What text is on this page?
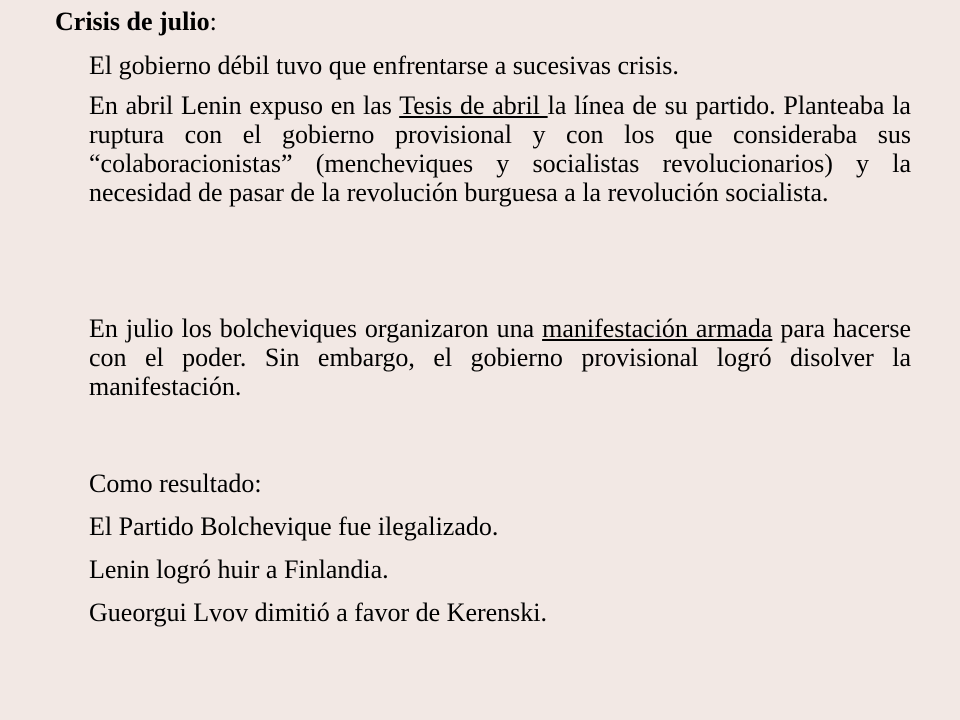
Crisis de julio:

El gobierno débil tuvo que enfrentarse a sucesivas crisis.

En abril Lenin expuso en las Tesis de abril la línea de su partido. Planteaba la ruptura con el gobierno provisional y con los que consideraba sus “colaboracionistas” (mencheviques y socialistas revolucionarios) y la necesidad de pasar de la revolución burguesa a la revolución socialista.

En julio los bolcheviques organizaron una manifestación armada para hacerse con el poder. Sin embargo, el gobierno provisional logró disolver la manifestación.

Como resultado:

El Partido Bolchevique fue ilegalizado.

Lenin logró huir a Finlandia.

Gueorgui Lvov dimitió a favor de Kerenski.
